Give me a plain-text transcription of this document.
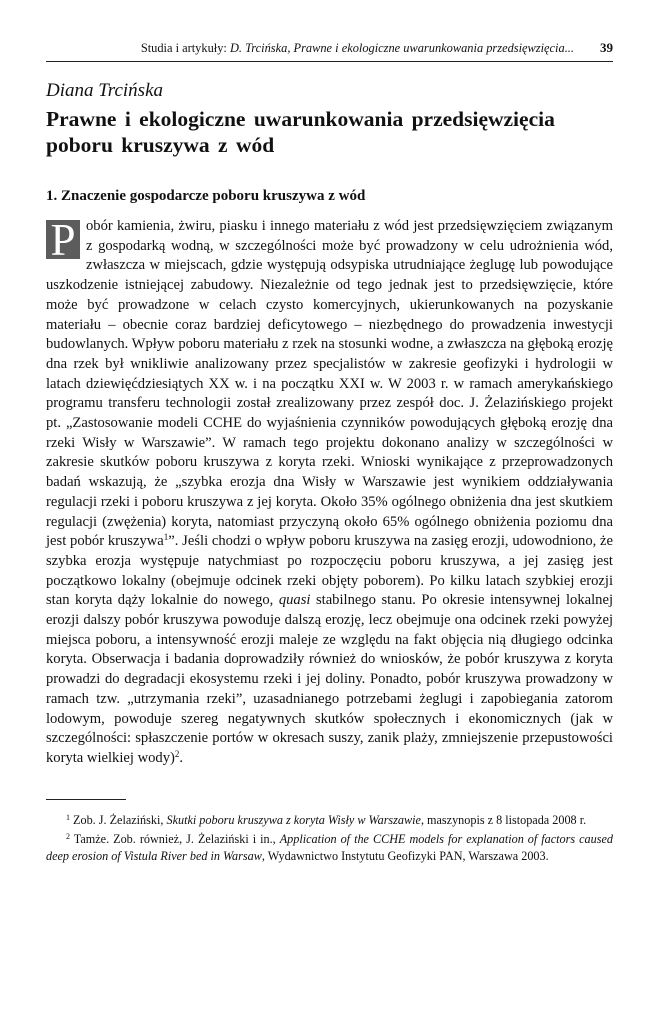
Studia i artykuły: D. Trcińska, Prawne i ekologiczne uwarunkowania przedsięwzięcia...	39
Diana Trcińska
Prawne i ekologiczne uwarunkowania przedsięwzięcia poboru kruszywa z wód
1. Znaczenie gospodarcze poboru kruszywa z wód
P obór kamienia, żwiru, piasku i innego materiału z wód jest przedsięwzięciem związanym z gospodarką wodną, w szczególności może być prowadzony w celu udrożnienia wód, zwłaszcza w miejscach, gdzie występują odsypiska utrudniające żeglugę lub powodujące uszkodzenie istniejącej zabudowy. Niezależnie od tego jednak jest to przedsięwzięcie, które może być prowadzone w celach czysto komercyjnych, ukierunkowanych na pozyskanie materiału – obecnie coraz bardziej deficytowego – niezbędnego do prowadzenia inwestycji budowlanych. Wpływ poboru materiału z rzek na stosunki wodne, a zwłaszcza na głęboką erozję dna rzek był wnikliwie analizowany przez specjalistów w zakresie geofizyki i hydrologii w latach dziewięćdziesiątych XX w. i na początku XXI w. W 2003 r. w ramach amerykańskiego programu transferu technologii został zrealizowany przez zespół doc. J. Żelazińskiego projekt pt. „Zastosowanie modeli CCHE do wyjaśnienia czynników powodujących głęboką erozję dna rzeki Wisły w Warszawie”. W ramach tego projektu dokonano analizy w szczególności w zakresie skutków poboru kruszywa z koryta rzeki. Wnioski wynikające z przeprowadzonych badań wskazują, że „szybka erozja dna Wisły w Warszawie jest wynikiem oddziaływania regulacji rzeki i poboru kruszywa z jej koryta. Około 35% ogólnego obniżenia dna jest skutkiem regulacji (zwężenia) koryta, natomiast przyczyną około 65% ogólnego obniżenia poziomu dna jest pobór kruszywa$^1$”. Jeśli chodzi o wpływ poboru kruszywa na zasięg erozji, udowodniono, że szybka erozja występuje natychmiast po rozpoczęciu poboru kruszywa, a jej zasięg jest początkowo lokalny (obejmuje odcinek rzeki objęty poborem). Po kilku latach szybkiej erozji stan koryta dąży lokalnie do nowego, quasi stabilnego stanu. Po okresie intensywnej lokalnej erozji dalszy pobór kruszywa powoduje dalszą erozję, lecz obejmuje ona odcinek rzeki powyżej miejsca poboru, a intensywność erozji maleje ze względu na fakt objęcia nią długiego odcinka koryta. Obserwacja i badania doprowadziły również do wniosków, że pobór kruszywa z koryta prowadzi do degradacji ekosystemu rzeki i jej doliny. Ponadto, pobór kruszywa prowadzony w ramach tzw. „utrzymania rzeki”, uzasadnianego potrzebami żeglugi i zapobiegania zatorom lodowym, powoduje szereg negatywnych skutków społecznych i ekonomicznych (jak w szczególności: spłaszczenie portów w okresach suszy, zanik plaży, zmniejszenie przepustowości koryta wielkiej wody)$^2$.

$^1$ Zob. J. Żelaziński, Skutki poboru kruszywa z koryta Wisły w Warszawie, maszynopis z 8 listopada 2008 r.

$^2$ Tamże. Zob. również, J. Żelaziński i in., Application of the CCHE models for explanation of factors caused deep erosion of Vistula River bed in Warsaw, Wydawnictwo Instytutu Geofizyki PAN, Warszawa 2003.
